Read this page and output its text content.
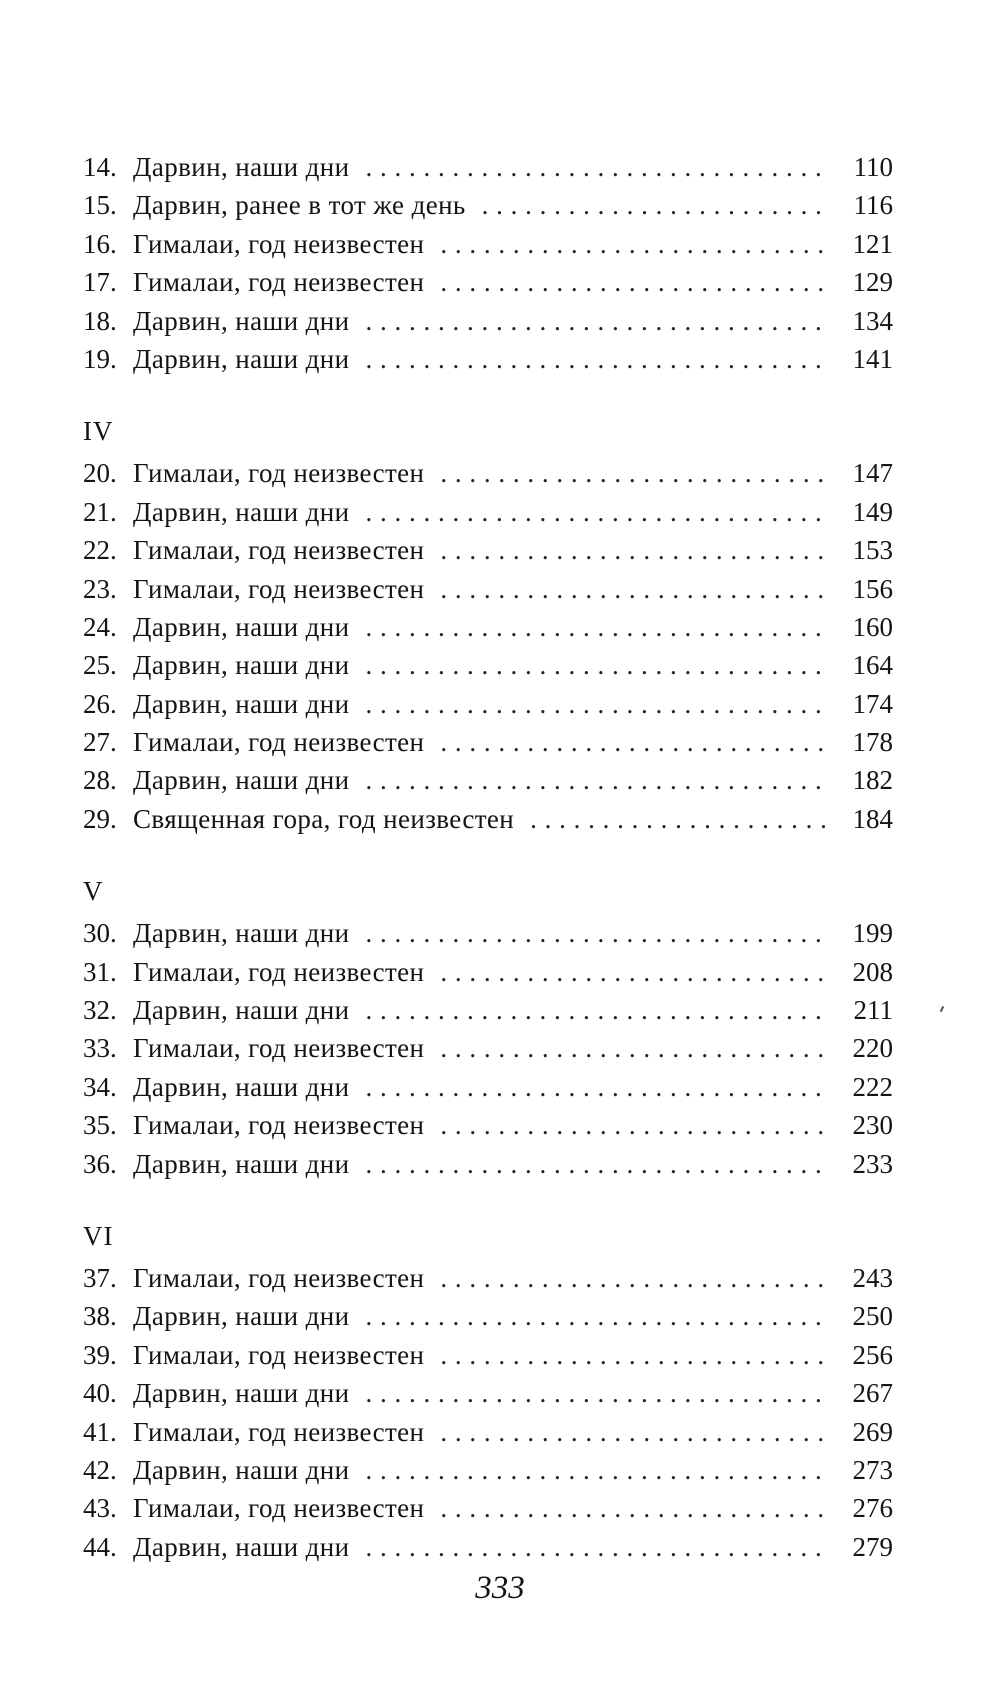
14. Дарвин, наши дни . . .	110
15. Дарвин, ранее в тот же день . . .	116
16. Гималаи, год неизвестен . . .	121
17. Гималаи, год неизвестен . . .	129
18. Дарвин, наши дни . . .	134
19. Дарвин, наши дни . . .	141
IV
20. Гималаи, год неизвестен . . .	147
21. Дарвин, наши дни . . .	149
22. Гималаи, год неизвестен . . .	153
23. Гималаи, год неизвестен . . .	156
24. Дарвин, наши дни . . .	160
25. Дарвин, наши дни . . .	164
26. Дарвин, наши дни . . .	174
27. Гималаи, год неизвестен . . .	178
28. Дарвин, наши дни . . .	182
29. Священная гора, год неизвестен . . .	184
V
30. Дарвин, наши дни . . .	199
31. Гималаи, год неизвестен . . .	208
32. Дарвин, наши дни . . .	211
33. Гималаи, год неизвестен . . .	220
34. Дарвин, наши дни . . .	222
35. Гималаи, год неизвестен . . .	230
36. Дарвин, наши дни . . .	233
VI
37. Гималаи, год неизвестен . . .	243
38. Дарвин, наши дни . . .	250
39. Гималаи, год неизвестен . . .	256
40. Дарвин, наши дни . . .	267
41. Гималаи, год неизвестен . . .	269
42. Дарвин, наши дни . . .	273
43. Гималаи, год неизвестен . . .	276
44. Дарвин, наши дни . . .	279
333
